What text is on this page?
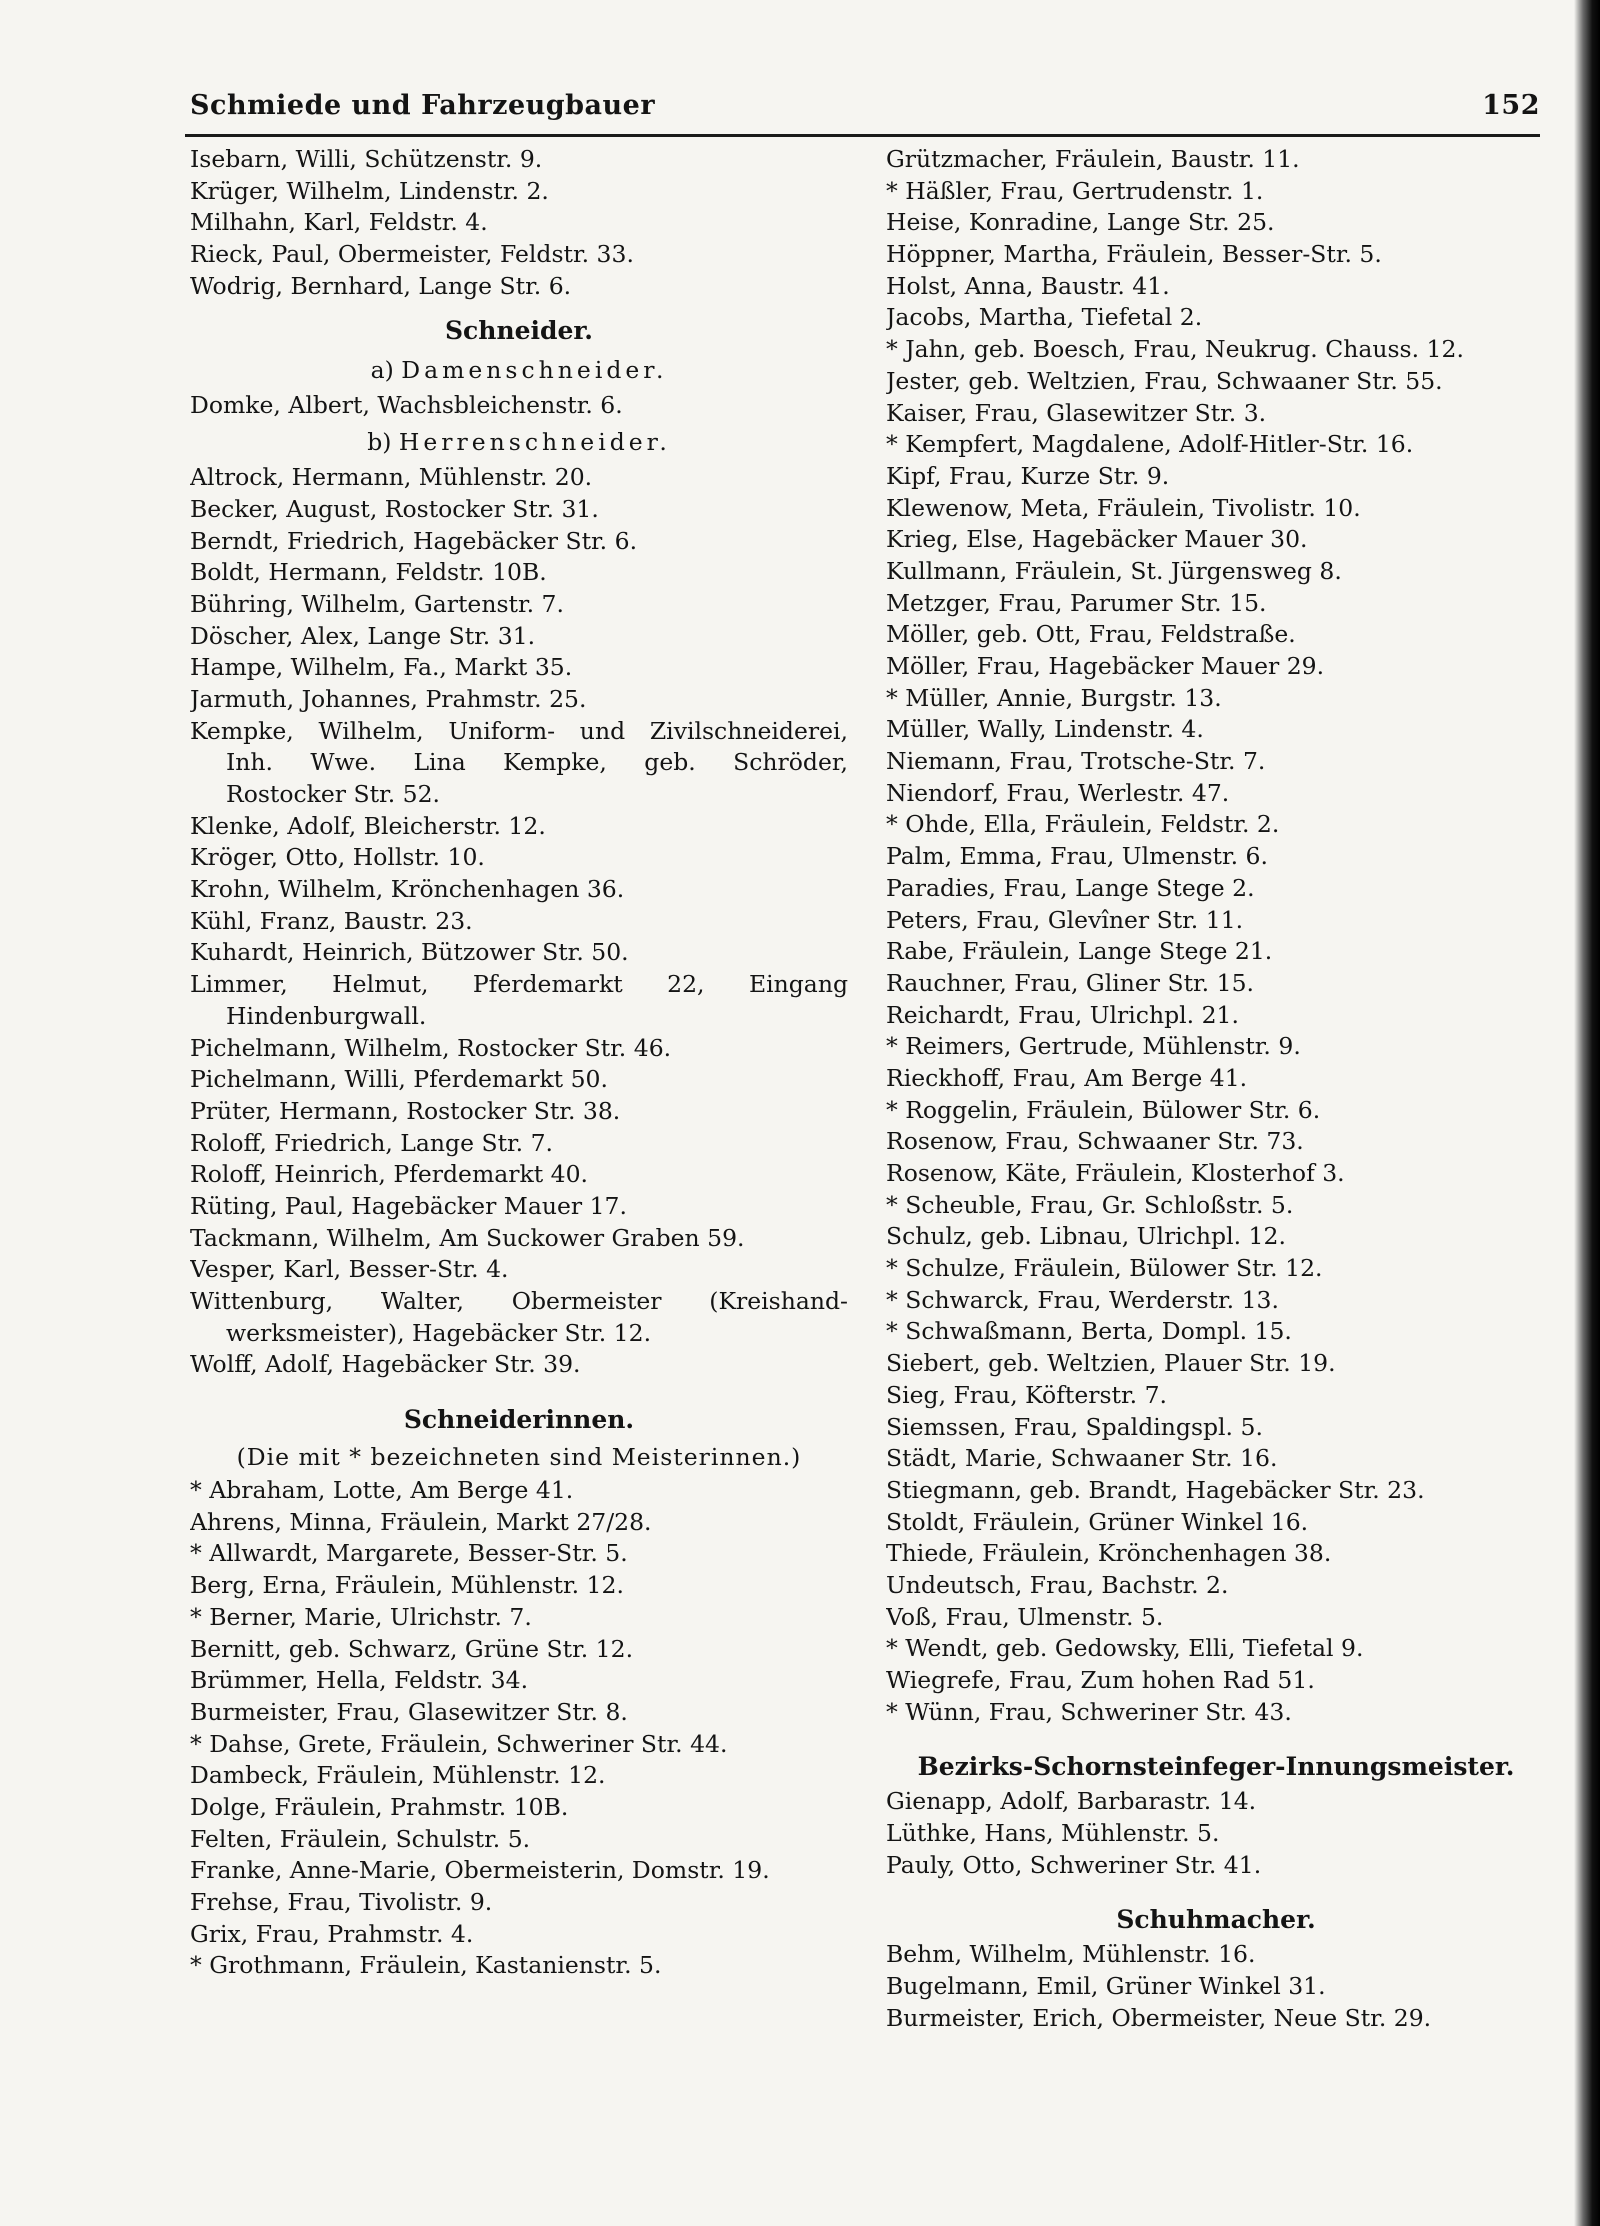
Schmiede und Fahrzeugbauer	152
Isebarn, Willi, Schützenstr. 9.
Krüger, Wilhelm, Lindenstr. 2.
Milhahn, Karl, Feldstr. 4.
Rieck, Paul, Obermeister, Feldstr. 33.
Wodrig, Bernhard, Lange Str. 6.
Schneider.
a) Damenschneider.
Domke, Albert, Wachsbleichenstr. 6.
b) Herrenschneider.
Altrock, Hermann, Mühlenstr. 20.
Becker, August, Rostocker Str. 31.
Berndt, Friedrich, Hagebäcker Str. 6.
Boldt, Hermann, Feldstr. 10B.
Bühring, Wilhelm, Gartenstr. 7.
Döscher, Alex, Lange Str. 31.
Hampe, Wilhelm, Fa., Markt 35.
Jarmuth, Johannes, Prahmstr. 25.
Kempke, Wilhelm, Uniform- und Zivilschneiderei,
Inh. Wwe. Lina Kempke, geb. Schröder,
Rostocker Str. 52.
Klenke, Adolf, Bleicherstr. 12.
Kröger, Otto, Hollstr. 10.
Krohn, Wilhelm, Krönchenhagen 36.
Kühl, Franz, Baustr. 23.
Kuhardt, Heinrich, Bützower Str. 50.
Limmer, Helmut, Pferdemarkt 22, Eingang
Hindenburgwall.
Pichelmann, Wilhelm, Rostocker Str. 46.
Pichelmann, Willi, Pferdemarkt 50.
Prüter, Hermann, Rostocker Str. 38.
Roloff, Friedrich, Lange Str. 7.
Roloff, Heinrich, Pferdemarkt 40.
Rüting, Paul, Hagebäcker Mauer 17.
Tackmann, Wilhelm, Am Suckower Graben 59.
Vesper, Karl, Besser-Str. 4.
Wittenburg, Walter, Obermeister (Kreishand-
werksmeister), Hagebäcker Str. 12.
Wolff, Adolf, Hagebäcker Str. 39.
Schneiderinnen.
(Die mit * bezeichneten sind Meisterinnen.)
* Abraham, Lotte, Am Berge 41.
Ahrens, Minna, Fräulein, Markt 27/28.
* Allwardt, Margarete, Besser-Str. 5.
Berg, Erna, Fräulein, Mühlenstr. 12.
* Berner, Marie, Ulrichstr. 7.
Bernitt, geb. Schwarz, Grüne Str. 12.
Brümmer, Hella, Feldstr. 34.
Burmeister, Frau, Glasewitzer Str. 8.
* Dahse, Grete, Fräulein, Schweriner Str. 44.
Dambeck, Fräulein, Mühlenstr. 12.
Dolge, Fräulein, Prahmstr. 10B.
Felten, Fräulein, Schulstr. 5.
Franke, Anne-Marie, Obermeisterin, Domstr. 19.
Frehse, Frau, Tivolistr. 9.
Grix, Frau, Prahmstr. 4.
* Grothmann, Fräulein, Kastanienstr. 5.
Grützmacher, Fräulein, Baustr. 11.
* Häßler, Frau, Gertrudenstr. 1.
Heise, Konradine, Lange Str. 25.
Höppner, Martha, Fräulein, Besser-Str. 5.
Holst, Anna, Baustr. 41.
Jacobs, Martha, Tiefetal 2.
* Jahn, geb. Boesch, Frau, Neukrug. Chauss. 12.
Jester, geb. Weltzien, Frau, Schwaaner Str. 55.
Kaiser, Frau, Glasewitzer Str. 3.
* Kempfert, Magdalene, Adolf-Hitler-Str. 16.
Kipf, Frau, Kurze Str. 9.
Klewenow, Meta, Fräulein, Tivolistr. 10.
Krieg, Else, Hagebäcker Mauer 30.
Kullmann, Fräulein, St. Jürgensweg 8.
Metzger, Frau, Parumer Str. 15.
Möller, geb. Ott, Frau, Feldstraße.
Möller, Frau, Hagebäcker Mauer 29.
* Müller, Annie, Burgstr. 13.
Müller, Wally, Lindenstr. 4.
Niemann, Frau, Trotsche-Str. 7.
Niendorf, Frau, Werlestr. 47.
* Ohde, Ella, Fräulein, Feldstr. 2.
Palm, Emma, Frau, Ulmenstr. 6.
Paradies, Frau, Lange Stege 2.
Peters, Frau, Glevîner Str. 11.
Rabe, Fräulein, Lange Stege 21.
Rauchner, Frau, Gliner Str. 15.
Reichardt, Frau, Ulrichpl. 21.
* Reimers, Gertrude, Mühlenstr. 9.
Rieckhoff, Frau, Am Berge 41.
* Roggelin, Fräulein, Bülower Str. 6.
Rosenow, Frau, Schwaaner Str. 73.
Rosenow, Käte, Fräulein, Klosterhof 3.
* Scheuble, Frau, Gr. Schloßstr. 5.
Schulz, geb. Libnau, Ulrichpl. 12.
* Schulze, Fräulein, Bülower Str. 12.
* Schwarck, Frau, Werderstr. 13.
* Schwaßmann, Berta, Dompl. 15.
Siebert, geb. Weltzien, Plauer Str. 19.
Sieg, Frau, Köfterstr. 7.
Siemssen, Frau, Spaldingspl. 5.
Städt, Marie, Schwaaner Str. 16.
Stiegmann, geb. Brandt, Hagebäcker Str. 23.
Stoldt, Fräulein, Grüner Winkel 16.
Thiede, Fräulein, Krönchenhagen 38.
Undeutsch, Frau, Bachstr. 2.
Voß, Frau, Ulmenstr. 5.
* Wendt, geb. Gedowsky, Elli, Tiefetal 9.
Wiegrefe, Frau, Zum hohen Rad 51.
* Wünn, Frau, Schweriner Str. 43.
Bezirks-Schornsteinfeger-Innungsmeister.
Gienapp, Adolf, Barbarastr. 14.
Lüthke, Hans, Mühlenstr. 5.
Pauly, Otto, Schweriner Str. 41.
Schuhmacher.
Behm, Wilhelm, Mühlenstr. 16.
Bugelmann, Emil, Grüner Winkel 31.
Burmeister, Erich, Obermeister, Neue Str. 29.
